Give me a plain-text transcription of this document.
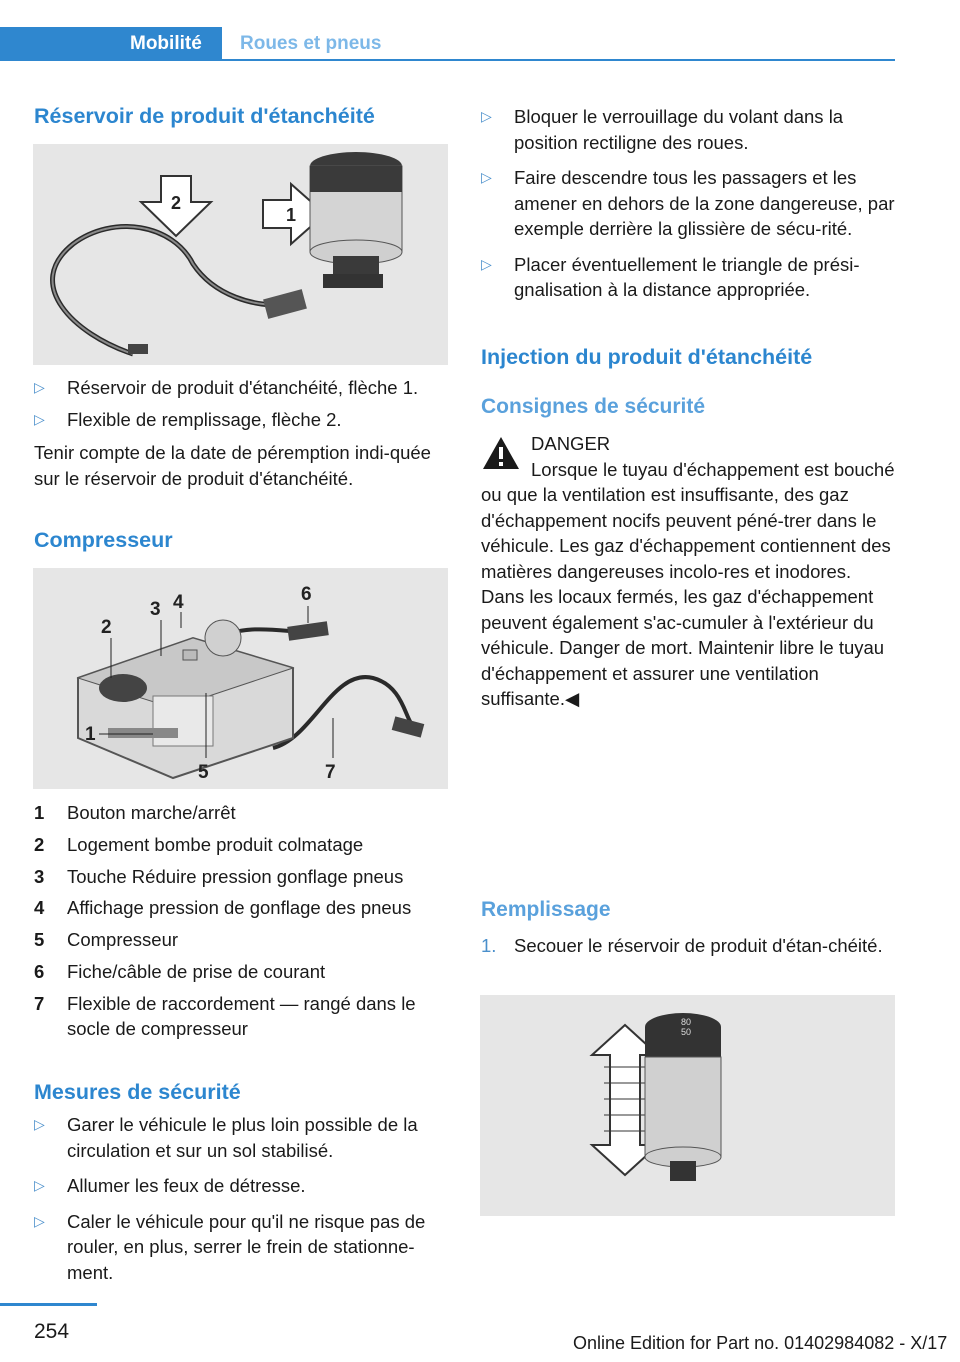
Mobilité Roues et pneus
Réservoir de produit d'étanchéité
2
1
▷ Réservoir de produit d'étanchéité, flèche 1.
▷ Flexible de remplissage, flèche 2.
Tenir compte de la date de péremption indi-quée sur le réservoir de produit d'étanchéité.
Compresseur
1
2
3 4
5
6
7
1 Bouton marche/arrêt
2 Logement bombe produit colmatage
3 Touche Réduire pression gonflage pneus
4 Affichage pression de gonflage des pneus
5 Compresseur
6 Fiche/câble de prise de courant
7 Flexible de raccordement — rangé dans le socle de compresseur
Mesures de sécurité
▷ Garer le véhicule le plus loin possible de la circulation et sur un sol stabilisé.
▷ Allumer les feux de détresse.
▷ Caler le véhicule pour qu'il ne risque pas de rouler, en plus, serrer le frein de stationne-ment.
▷ Bloquer le verrouillage du volant dans la position rectiligne des roues.
▷ Faire descendre tous les passagers et les amener en dehors de la zone dangereuse, par exemple derrière la glissière de sécu-rité.
▷ Placer éventuellement le triangle de prési-gnalisation à la distance appropriée.
Injection du produit d'étanchéité
Consignes de sécurité
DANGER
Lorsque le tuyau d'échappement est bouché ou que la ventilation est insuffisante, des gaz d'échappement nocifs peuvent péné-trer dans le véhicule. Les gaz d'échappement contiennent des matières dangereuses incolo-res et inodores. Dans les locaux fermés, les gaz d'échappement peuvent également s'ac-cumuler à l'extérieur du véhicule. Danger de mort. Maintenir libre le tuyau d'échappement et assurer une ventilation suffisante.◀
Remplissage
1. Secouer le réservoir de produit d'étan-chéité.
80
50
254	Online Edition for Part no. 01402984082 - X/17
